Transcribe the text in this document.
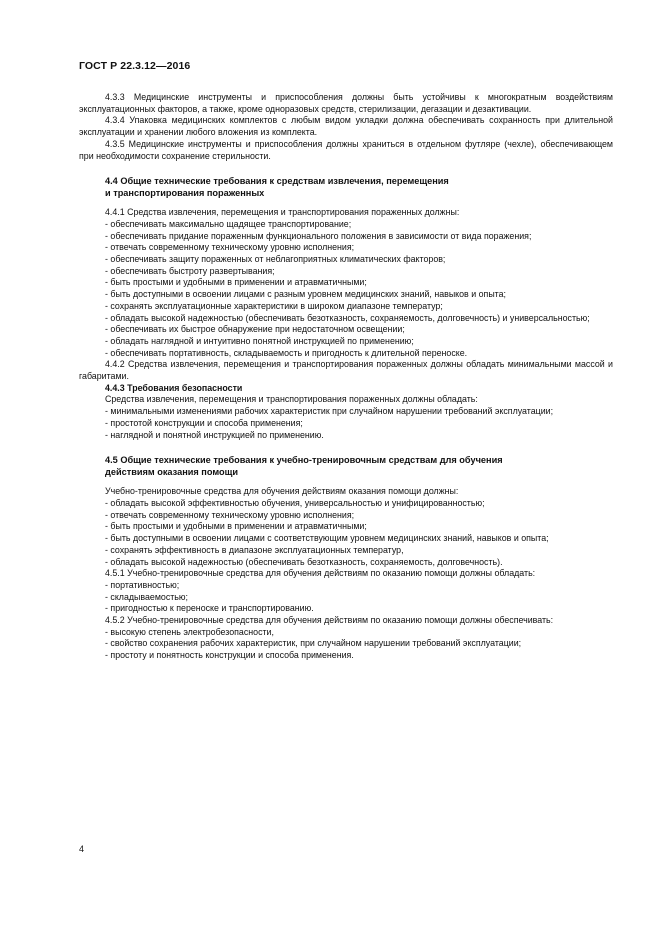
ГОСТ Р 22.3.12—2016

4.3.3 Медицинские инструменты и приспособления должны быть устойчивы к многократным воздействиям эксплуатационных факторов, а также, кроме одноразовых средств, стерилизации, дегазации и дезактивации.

4.3.4 Упаковка медицинских комплектов с любым видом укладки должна обеспечивать сохранность при длительной эксплуатации и хранении любого вложения из комплекта.

4.3.5 Медицинские инструменты и приспособления должны храниться в отдельном футляре (чехле), обеспечивающем при необходимости сохранение стерильности.

4.4 Общие технические требования к средствам извлечения, перемещения

и транспортирования пораженных

4.4.1 Средства извлечения, перемещения и транспортирования пораженных должны:

- обеспечивать максимально щадящее транспортирование;

- обеспечивать придание пораженным функционального положения в зависимости от вида поражения;

- отвечать современному техническому уровню исполнения;

- обеспечивать защиту пораженных от неблагоприятных климатических факторов;

- обеспечивать быстроту развертывания;

- быть простыми и удобными в применении и атравматичными;

- быть доступными в освоении лицами с разным уровнем медицинских знаний, навыков и опыта;

- сохранять эксплуатационные характеристики в широком диапазоне температур;

- обладать высокой надежностью (обеспечивать безотказность, сохраняемость, долговечность) и универсальностью;

- обеспечивать их быстрое обнаружение при недостаточном освещении;

- обладать наглядной и интуитивно понятной инструкцией по применению;

- обеспечивать портативность, складываемость и пригодность к длительной переноске.

4.4.2 Средства извлечения, перемещения и транспортирования пораженных должны обладать минимальными массой и габаритами.

4.4.3 Требования безопасности

Средства извлечения, перемещения и транспортирования пораженных должны обладать:

- минимальными изменениями рабочих характеристик при случайном нарушении требований эксплуатации;

- простотой конструкции и способа применения;

- наглядной и понятной инструкцией по применению.

4.5 Общие технические требования к учебно-тренировочным средствам для обучения

действиям оказания помощи

Учебно-тренировочные средства для обучения действиям оказания помощи должны:

- обладать высокой эффективностью обучения, универсальностью и унифицированностью;

- отвечать современному техническому уровню исполнения;

- быть простыми и удобными в применении и атравматичными;

- быть доступными в освоении лицами с соответствующим уровнем медицинских знаний, навыков и опыта;

- сохранять эффективность в диапазоне эксплуатационных температур,

- обладать высокой надежностью (обеспечивать безотказность, сохраняемость, долговечность).

4.5.1 Учебно-тренировочные средства для обучения действиям по оказанию помощи должны обладать:

- портативностью;

- складываемостью;

- пригодностью к переноске и транспортированию.

4.5.2 Учебно-тренировочные средства для обучения действиям по оказанию помощи должны обеспечивать:

- высокую степень электробезопасности,

- свойство сохранения рабочих характеристик, при случайном нарушении требований эксплуатации;

- простоту и понятность конструкции и способа применения.

4
